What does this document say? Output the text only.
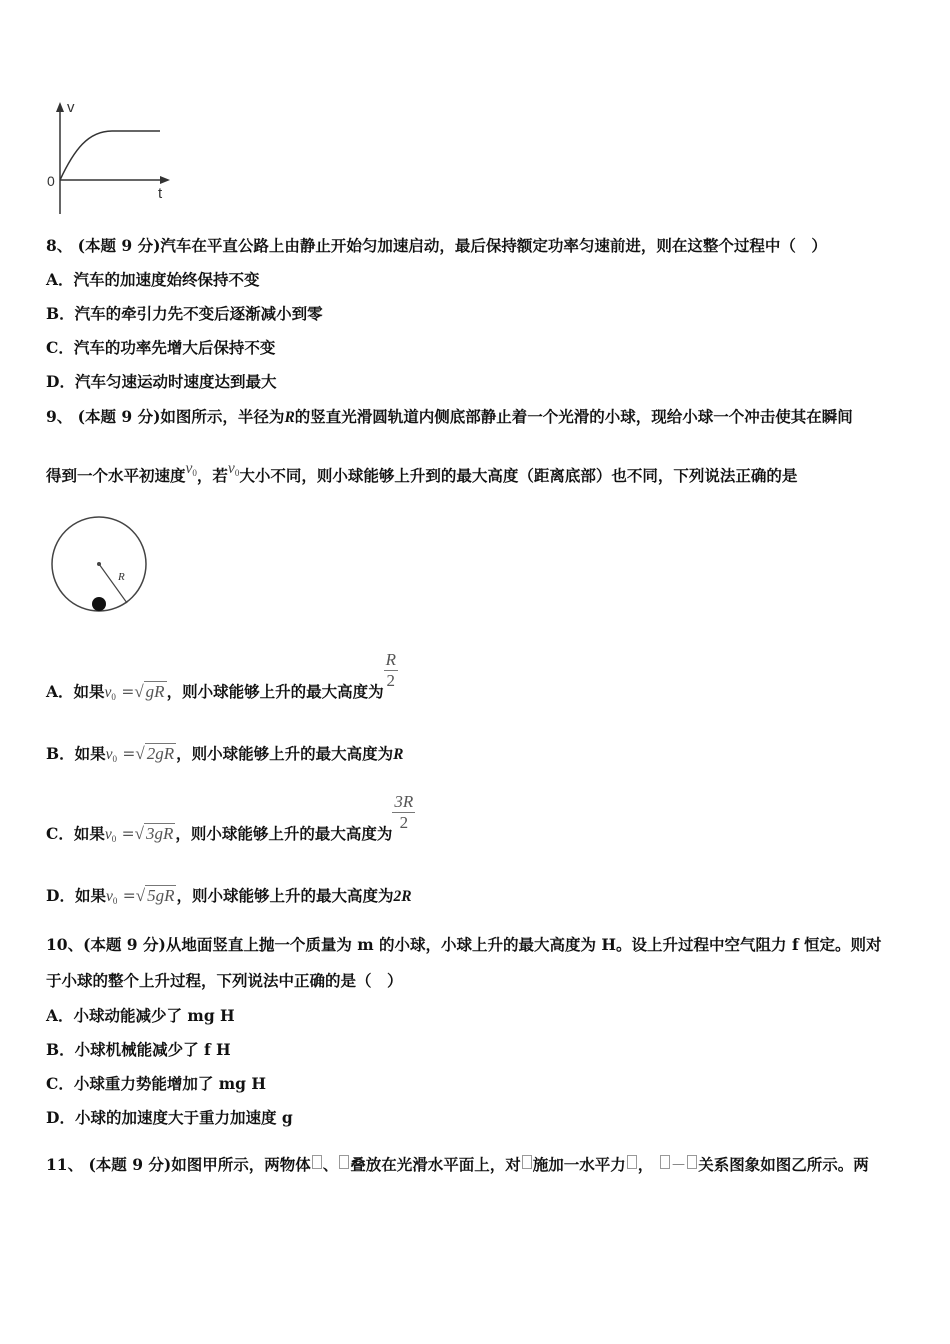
v
t
0
8、 (本题 9 分)汽车在平直公路上由静止开始匀加速启动，最后保持额定功率匀速前进，则在这整个过程中（　）
A．汽车的加速度始终保持不变
B．汽车的牵引力先不变后逐渐减小到零
C．汽车的功率先增大后保持不变
D．汽车匀速运动时速度达到最大
9、 (本题 9 分)如图所示，半径为R的竖直光滑圆轨道内侧底部静止着一个光滑的小球，现给小球一个冲击使其在瞬间
得到一个水平初速度$v_0$，若$v_0$大小不同，则小球能够上升到的最大高度（距离底部）也不同，下列说法正确的是
R
A．如果$v_0$ =√ gR ，则小球能够上升的最大高度为 $\frac{R}{2}$
B．如果$v_0$ =√ 2gR ，则小球能够上升的最大高度为R
C．如果$v_0$ =√ 3gR ，则小球能够上升的最大高度为 $\frac{3R}{2}$
D．如果$v_0$ =√ 5gR ，则小球能够上升的最大高度为2R
10、(本题 9 分)从地面竖直上抛一个质量为 m 的小球，小球上升的最大高度为 H。设上升过程中空气阻力 f 恒定。则对
于小球的整个上升过程，下列说法中正确的是（　）
A．小球动能减少了 mg H
B．小球机械能减少了 f H
C．小球重力势能增加了 mg H
D．小球的加速度大于重力加速度 g
11、 (本题 9 分)如图甲所示，两物体 、 叠放在光滑水平面上，对 施加一水平力 ， － 关系图象如图乙所示。两
